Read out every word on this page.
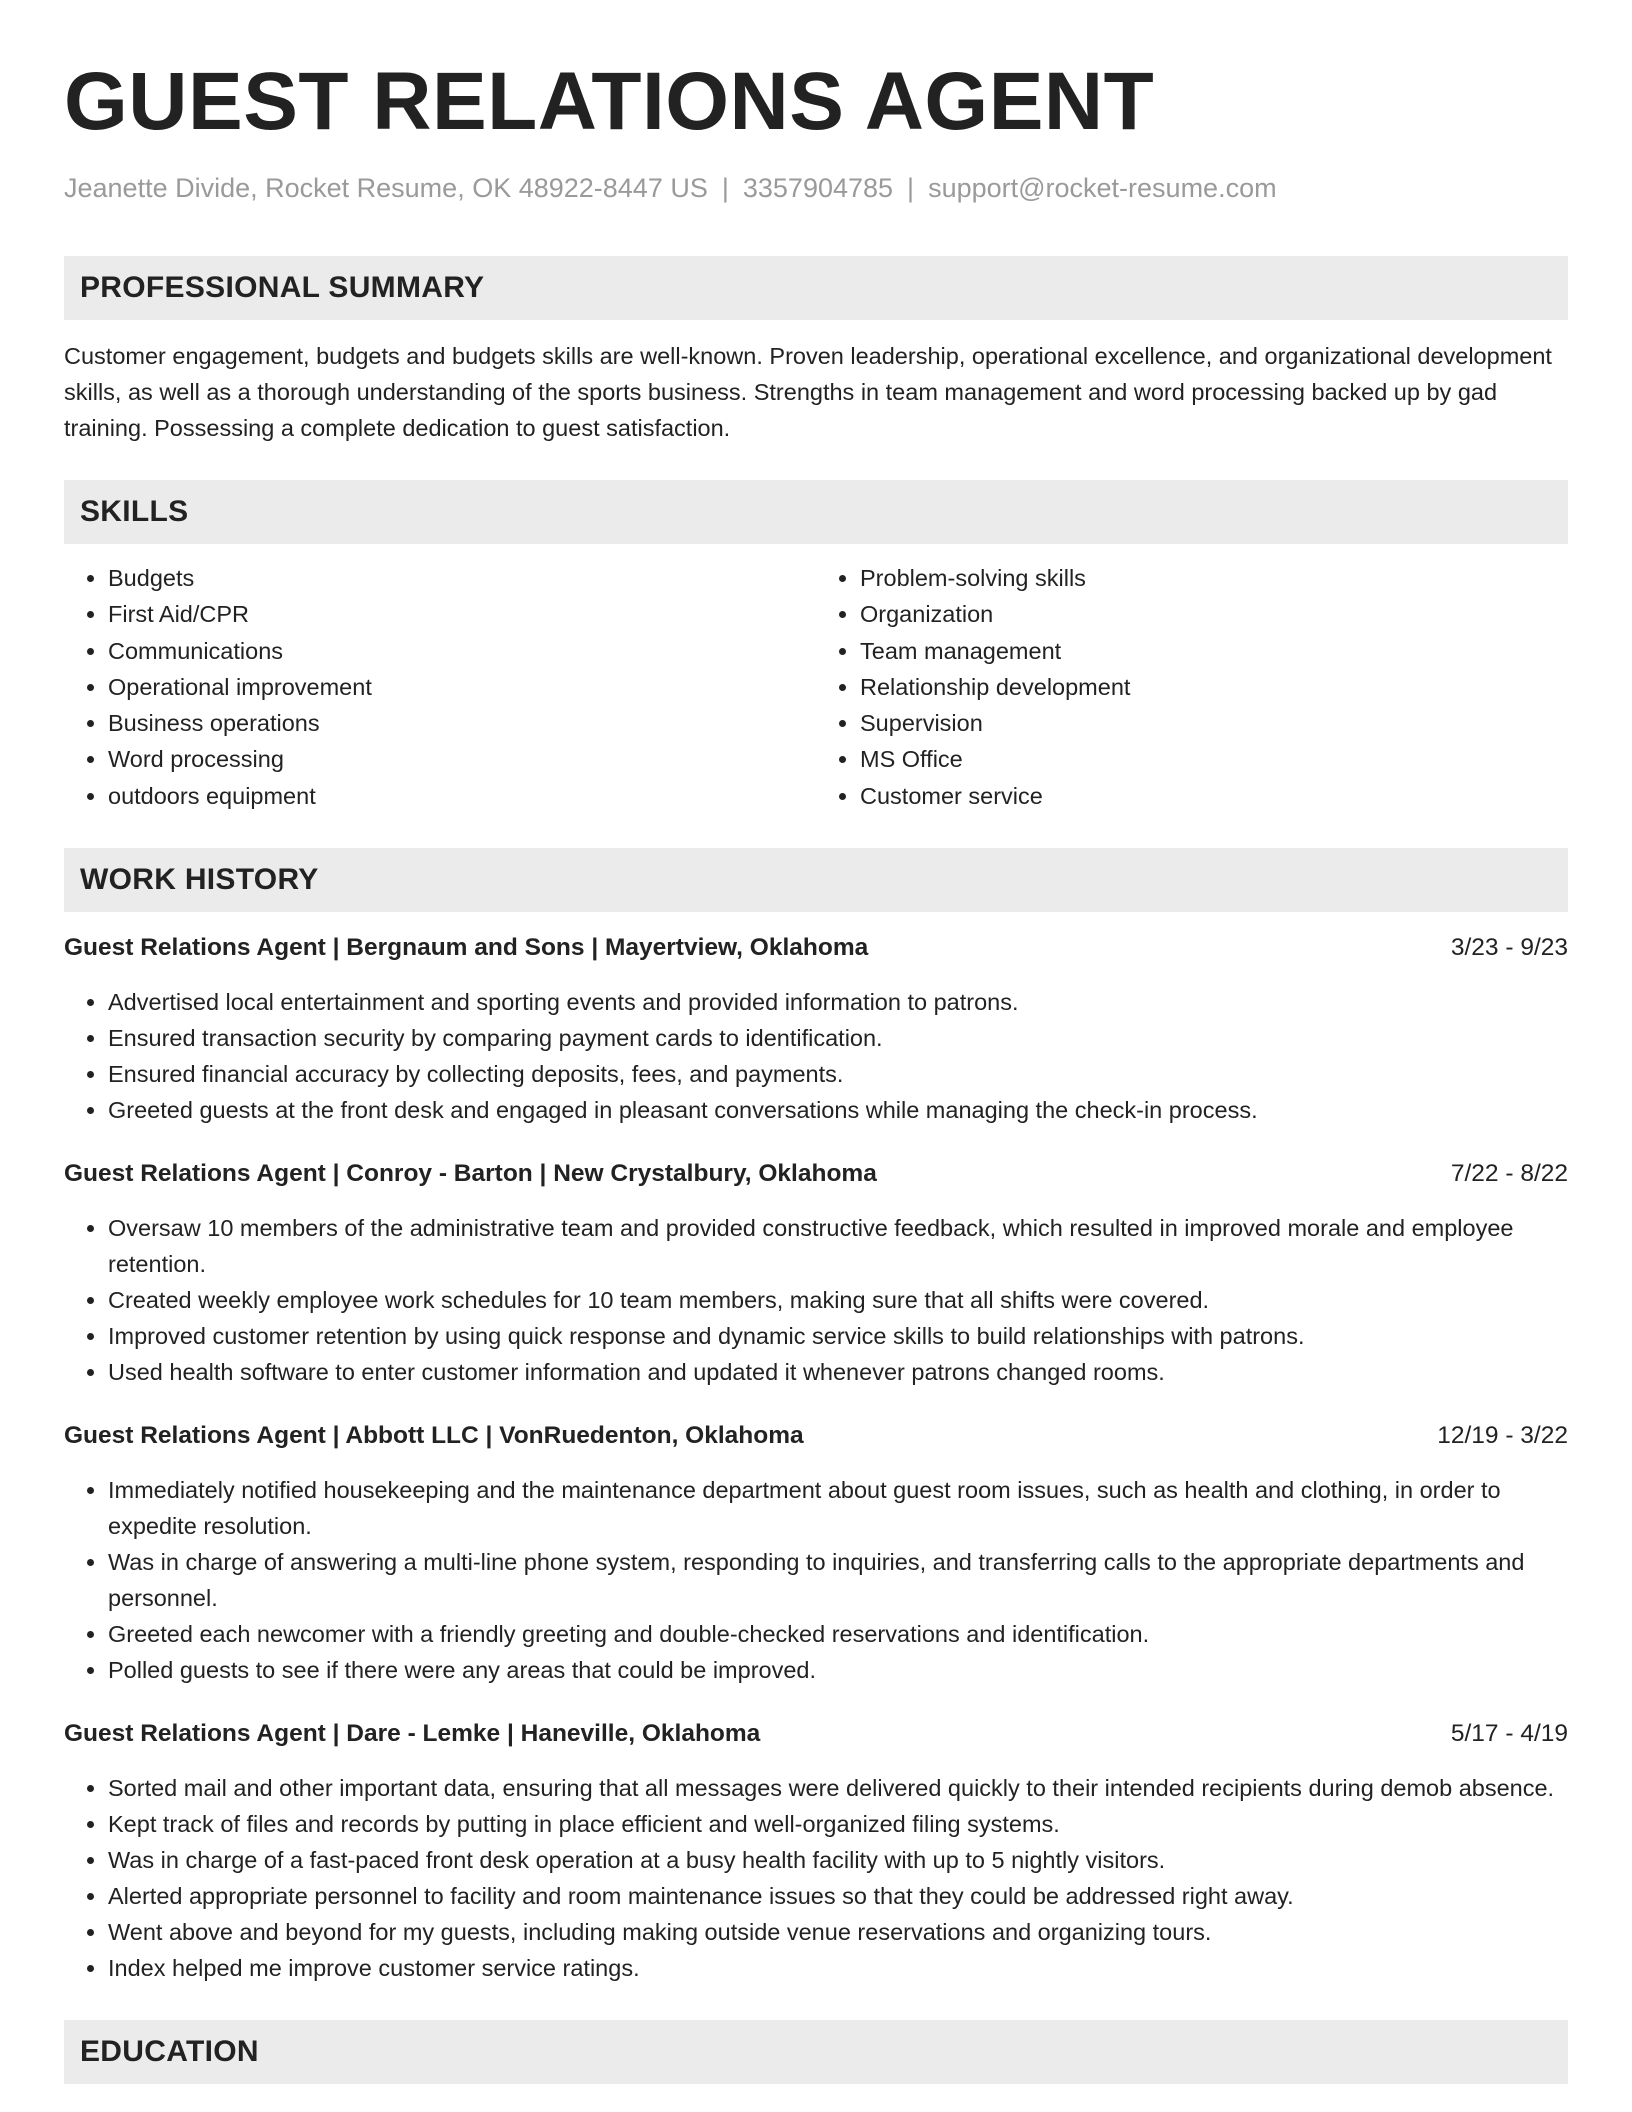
GUEST RELATIONS AGENT
Jeanette Divide, Rocket Resume, OK 48922-8447 US | 3357904785 | support@rocket-resume.com
PROFESSIONAL SUMMARY

Customer engagement, budgets and budgets skills are well-known. Proven leadership, operational excellence, and organizational development skills, as well as a thorough understanding of the sports business. Strengths in team management and word processing backed up by gad training. Possessing a complete dedication to guest satisfaction.

SKILLS
• Budgets
• First Aid/CPR
• Communications
• Operational improvement
• Business operations
• Word processing
• outdoors equipment
• Problem-solving skills
• Organization
• Team management
• Relationship development
• Supervision
• MS Office
• Customer service
WORK HISTORY
Guest Relations Agent | Bergnaum and Sons | Mayertview, Oklahoma	3/23 - 9/23
• Advertised local entertainment and sporting events and provided information to patrons.
• Ensured transaction security by comparing payment cards to identification.
• Ensured financial accuracy by collecting deposits, fees, and payments.
• Greeted guests at the front desk and engaged in pleasant conversations while managing the check-in process.
Guest Relations Agent | Conroy - Barton | New Crystalbury, Oklahoma	7/22 - 8/22
• Oversaw 10 members of the administrative team and provided constructive feedback, which resulted in improved morale and employee retention.
• Created weekly employee work schedules for 10 team members, making sure that all shifts were covered.
• Improved customer retention by using quick response and dynamic service skills to build relationships with patrons.
• Used health software to enter customer information and updated it whenever patrons changed rooms.
Guest Relations Agent | Abbott LLC | VonRuedenton, Oklahoma	12/19 - 3/22
• Immediately notified housekeeping and the maintenance department about guest room issues, such as health and clothing, in order to expedite resolution.
• Was in charge of answering a multi-line phone system, responding to inquiries, and transferring calls to the appropriate departments and personnel.
• Greeted each newcomer with a friendly greeting and double-checked reservations and identification.
• Polled guests to see if there were any areas that could be improved.
Guest Relations Agent | Dare - Lemke | Haneville, Oklahoma	5/17 - 4/19
• Sorted mail and other important data, ensuring that all messages were delivered quickly to their intended recipients during demob absence.
• Kept track of files and records by putting in place efficient and well-organized filing systems.
• Was in charge of a fast-paced front desk operation at a busy health facility with up to 5 nightly visitors.
• Alerted appropriate personnel to facility and room maintenance issues so that they could be addressed right away.
• Went above and beyond for my guests, including making outside venue reservations and organizing tours.
• Index helped me improve customer service ratings.
EDUCATION
